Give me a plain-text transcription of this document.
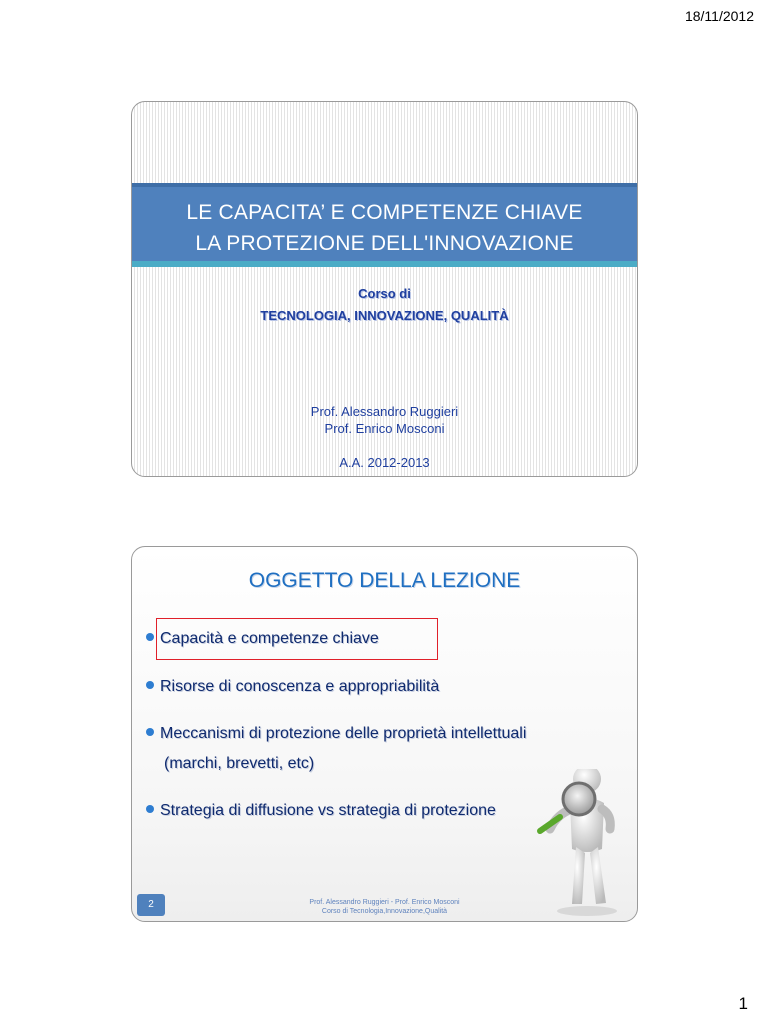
18/11/2012
LE CAPACITA’ E COMPETENZE CHIAVE
LA PROTEZIONE DELL'INNOVAZIONE
Corso di
TECNOLOGIA, INNOVAZIONE, QUALITÀ
Prof. Alessandro Ruggieri
Prof. Enrico Mosconi
A.A. 2012-2013
OGGETTO DELLA LEZIONE
Capacità e competenze chiave
Risorse di conoscenza e appropriabilità
Meccanismi di protezione delle proprietà intellettuali
(marchi, brevetti, etc)
Strategia di diffusione vs strategia di protezione
2	Prof. Alessandro Ruggieri - Prof. Enrico Mosconi
Corso di Tecnologia,Innovazione,Qualità
1
